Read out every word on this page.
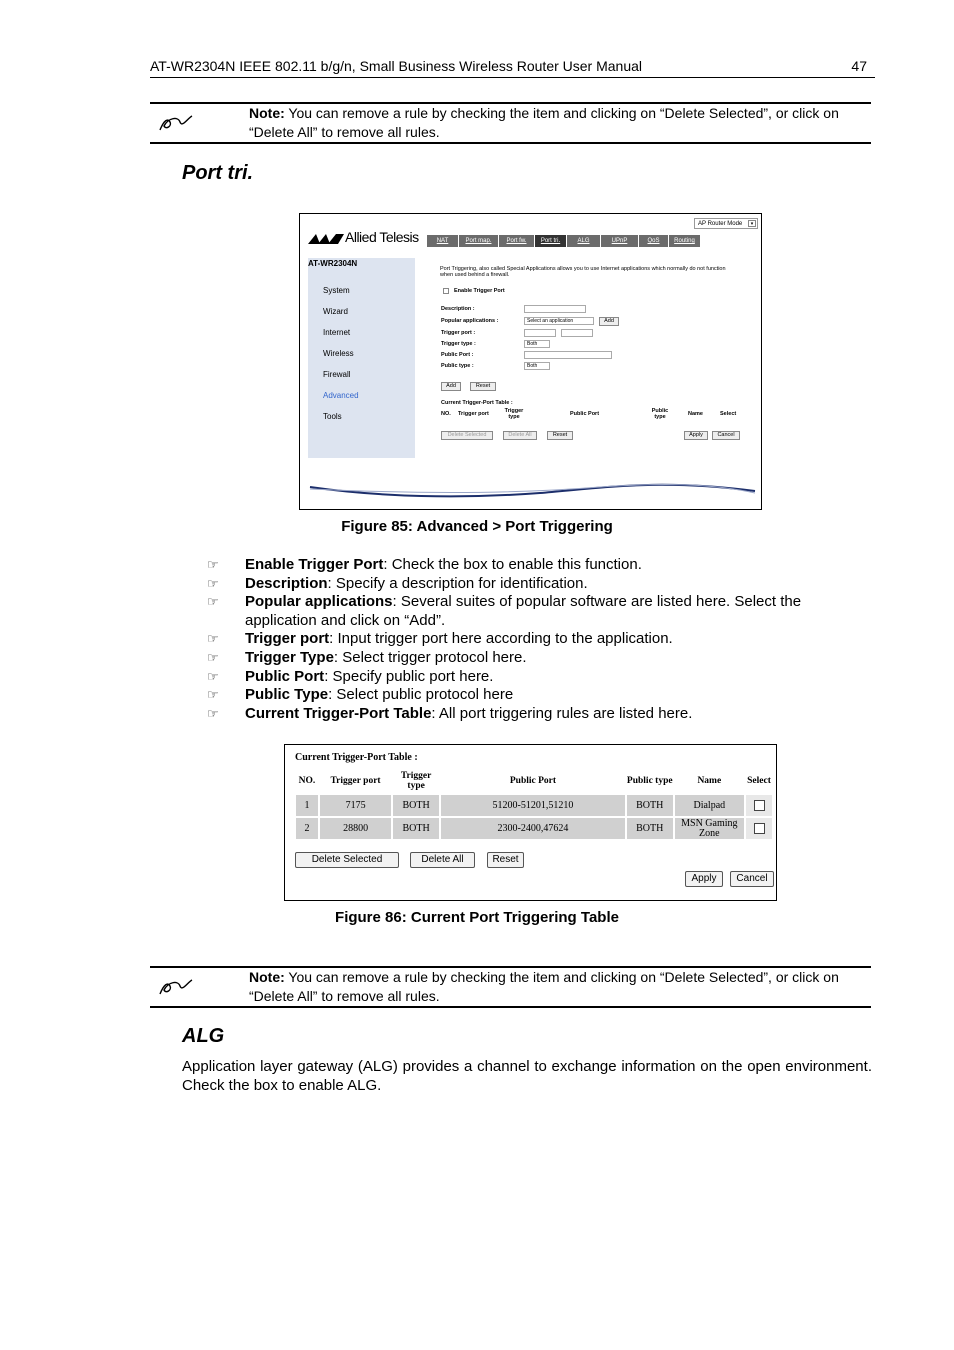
AT-WR2304N IEEE 802.11 b/g/n, Small Business Wireless Router User Manual	47
Note: You can remove a rule by checking the item and clicking on “Delete Selected”, or click on “Delete All” to remove all rules.
Port tri.
Allied Telesis
AP Router Mode	▾
NAT	Port map.	Port fw.	Port tri.	ALG	UPnP	QoS	Routing
AT-WR2304N
System
Wizard
Internet
Wireless
Firewall
Advanced
Tools
Port Triggering, also called Special Applications allows you to use Internet applications which normally do not function when used behind a firewall.
Enable Trigger Port
Description :
Popular applications :	Select an application	Add
Trigger port :
Trigger type :	Both
Public Port :
Public type :	Both
Add	Reset
Current Trigger-Port Table :
NO. Trigger port	Trigger type	Public Port	Public type	Name	Select
Delete Selected	Delete All	Reset	Apply	Cancel
Figure 85: Advanced > Port Triggering
☞ Enable Trigger Port: Check the box to enable this function.
☞ Description: Specify a description for identification.
☞ Popular applications: Several suites of popular software are listed here. Select the application and click on “Add”.
☞ Trigger port: Input trigger port here according to the application.
☞ Trigger Type: Select trigger protocol here.
☞ Public Port: Specify public port here.
☞ Public Type: Select public protocol here
☞ Current Trigger-Port Table: All port triggering rules are listed here.
Current Trigger-Port Table :
NO.	Trigger port	Trigger type	Public Port	Public type	Name	Select
1	7175	BOTH	51200-51201,51210	BOTH	Dialpad	
2	28800	BOTH	2300-2400,47624	BOTH	MSN Gaming Zone	
Delete Selected	Delete All	Reset
Apply	Cancel
Figure 86: Current Port Triggering Table
Note: You can remove a rule by checking the item and clicking on “Delete Selected”, or click on “Delete All” to remove all rules.
ALG
Application layer gateway (ALG) provides a channel to exchange information on the open environment. Check the box to enable ALG.
